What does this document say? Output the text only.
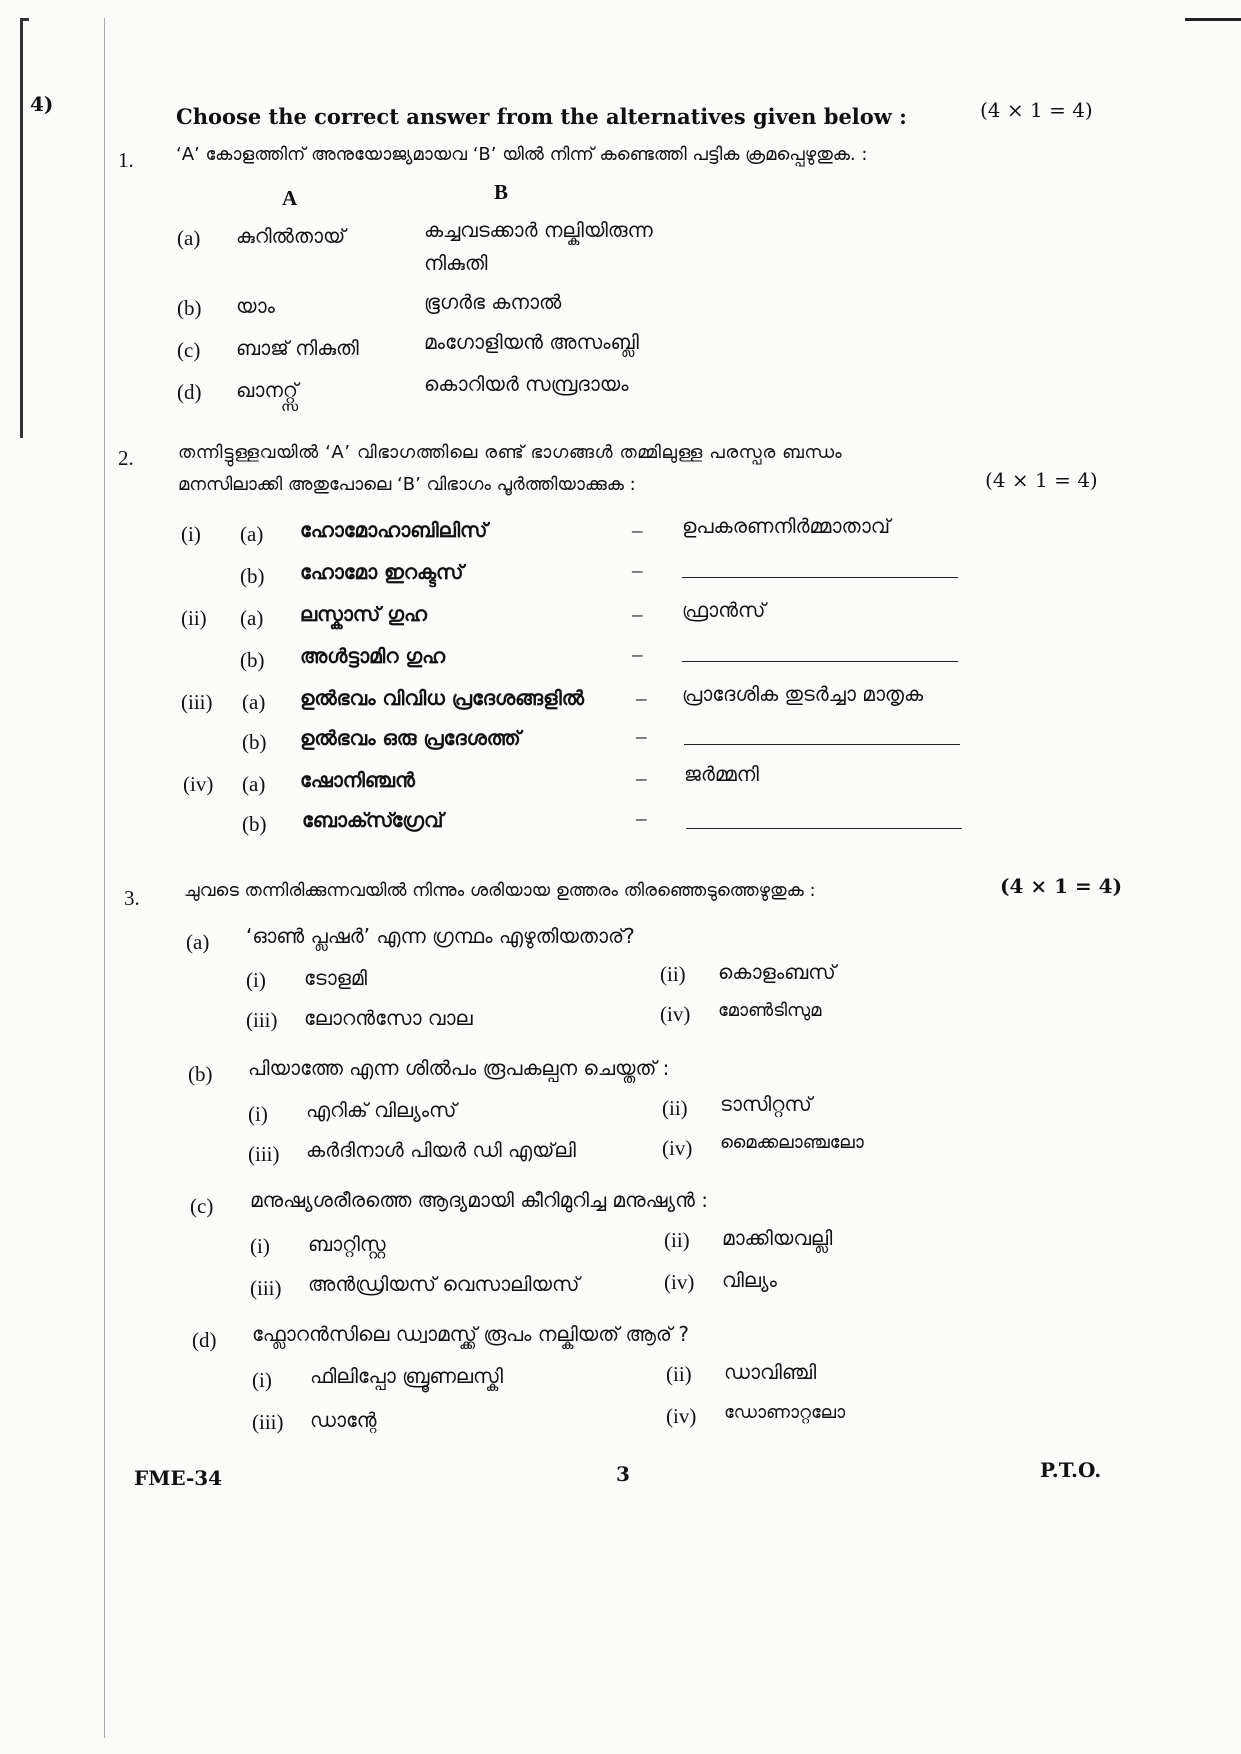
4)	Choose the correct answer from the alternatives given below :	(4 × 1 = 4)
1. ‘A’ കോളത്തിന് അനുയോജ്യമായവ ‘B’ യിൽ നിന്ന് കണ്ടെത്തി പട്ടിക ക്രമപ്പെഴുതുക. :
A	B
(a) കുറിൽതായ്	കച്ചവടക്കാർ നല്കിയിരുന്ന
നികുതി
(b) യാം	ഭൂഗർഭ കനാൽ
(c) ബാജ് നികുതി	മംഗോളിയൻ അസംബ്ലി
(d) ഖാനറ്റ്സ്	കൊറിയർ സമ്പ്രദായം
2. തന്നിട്ടുള്ളവയിൽ ‘A’ വിഭാഗത്തിലെ രണ്ട് ഭാഗങ്ങൾ തമ്മിലുള്ള പരസ്പര ബന്ധം
മനസിലാക്കി അതുപോലെ ‘B’ വിഭാഗം പൂർത്തിയാക്കുക :	(4 × 1 = 4)
(i) (a) ഹോമോഹാബിലിസ്	– ഉപകരണനിർമ്മാതാവ്
(b) ഹോമോ ഇറക്ടസ്	–
(ii) (a) ലസ്കാസ് ഗുഹ	– ഫ്രാൻസ്
(b) അൾട്ടാമിറ ഗുഹ	–
(iii) (a) ഉൽഭവം വിവിധ പ്രദേശങ്ങളിൽ – പ്രാദേശിക തുടർച്ചാ മാതൃക
(b) ഉൽഭവം ഒരു പ്രദേശത്ത്	–
(iv) (a) ഷോനിഞ്ചൻ	– ജർമ്മനി
(b) ബോക്സ്ഗ്രേവ്	–
3. ചുവടെ തന്നിരിക്കുന്നവയിൽ നിന്നും ശരിയായ ഉത്തരം തിരഞ്ഞെടുത്തെഴുതുക :	(4 × 1 = 4)
(a) ‘ഓൺ പ്ലഷർ’ എന്ന ഗ്രന്ഥം എഴുതിയതാര്?
(i) ടോളമി	(ii) കൊളംബസ്
(iii) ലോറൻസോ വാല	(iv) മോൺടിസുമ
(b) പിയാത്തേ എന്ന ശിൽപം രൂപകല്പന ചെയ്തത് :
(i) എറിക് വില്യംസ്	(ii) ടാസിറ്റസ്
(iii) കർദിനാൾ പിയർ ഡി എയ്‌ലി	(iv) മൈക്കലാഞ്ചലോ
(c) മനുഷ്യശരീരത്തെ ആദ്യമായി കീറിമുറിച്ച മനുഷ്യൻ :
(i) ബാറ്റിസ്റ്റ	(ii) മാക്കിയവല്ലി
(iii) അൻഡ്രിയസ് വെസാലിയസ്	(iv) വില്യം
(d) ഫ്ലോറൻസിലെ ഡ്വാമസ്ക്ക് രൂപം നല്കിയത് ആര് ?
(i) ഫിലിപ്പോ ബ്രൂണലസ്കി	(ii) ഡാവിഞ്ചി
(iii) ഡാന്റേ	(iv) ഡോണാറ്റലോ
FME-34	3	P.T.O.
